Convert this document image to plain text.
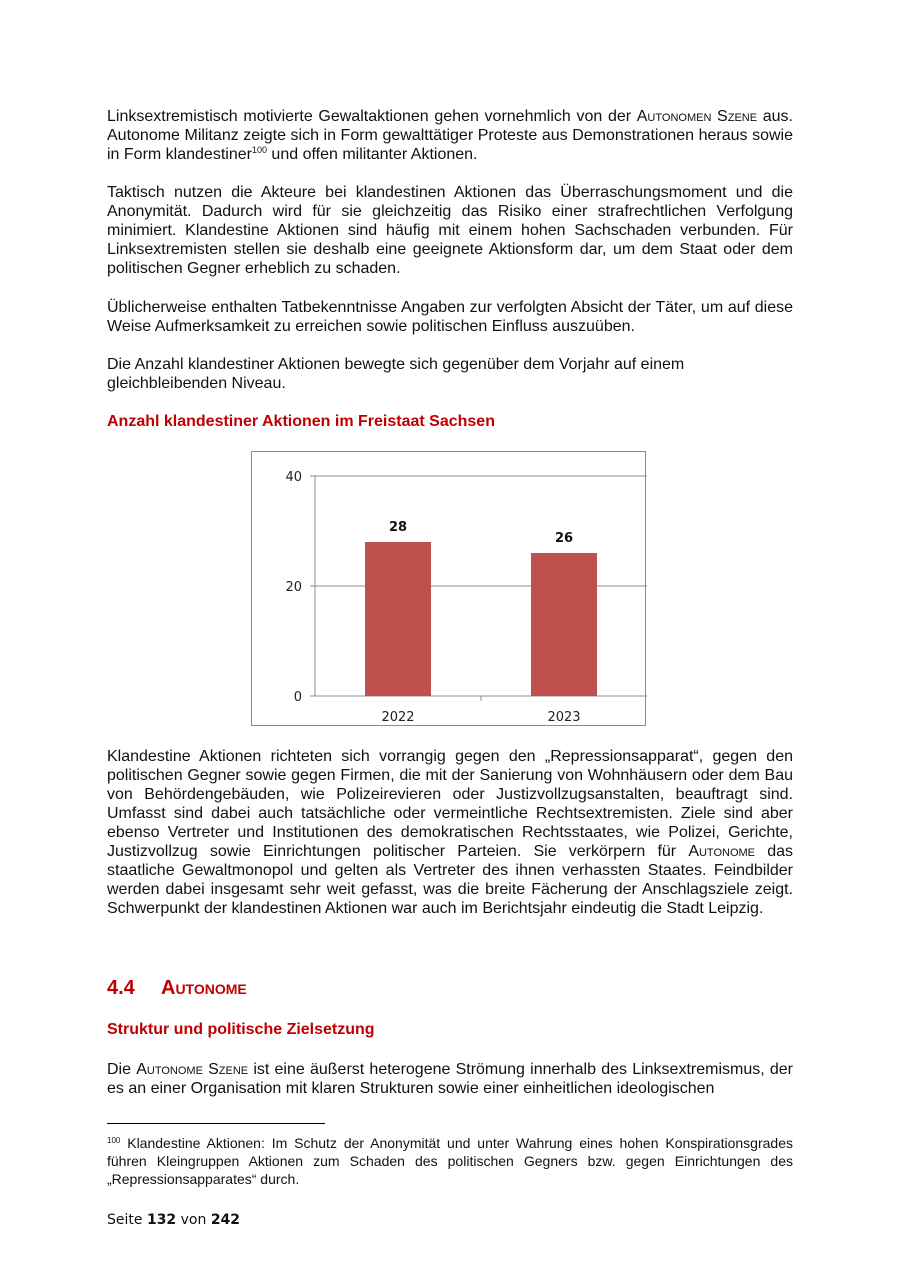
Linksextremistisch motivierte Gewaltaktionen gehen vornehmlich von der Autonomen Szene aus. Autonome Militanz zeigte sich in Form gewalttätiger Proteste aus Demonstrationen heraus sowie in Form klandestiner$^{100}$ und offen militanter Aktionen.

Taktisch nutzen die Akteure bei klandestinen Aktionen das Überraschungsmoment und die Anonymität. Dadurch wird für sie gleichzeitig das Risiko einer strafrechtlichen Verfolgung minimiert. Klandestine Aktionen sind häufig mit einem hohen Sachschaden verbunden. Für Linksextremisten stellen sie deshalb eine geeignete Aktionsform dar, um dem Staat oder dem politischen Gegner erheblich zu schaden.

Üblicherweise enthalten Tatbekenntnisse Angaben zur verfolgten Absicht der Täter, um auf diese Weise Aufmerksamkeit zu erreichen sowie politischen Einfluss auszuüben.

Die Anzahl klandestiner Aktionen bewegte sich gegenüber dem Vorjahr auf einem gleichbleibenden Niveau.

Anzahl klandestiner Aktionen im Freistaat Sachsen
0
20
40
28
2022
26
2023

Klandestine Aktionen richteten sich vorrangig gegen den „Repressionsapparat“, gegen den politischen Gegner sowie gegen Firmen, die mit der Sanierung von Wohnhäusern oder dem Bau von Behördengebäuden, wie Polizeirevieren oder Justizvollzugsanstalten, beauftragt sind. Umfasst sind dabei auch tatsächliche oder vermeintliche Rechtsextremisten. Ziele sind aber ebenso Vertreter und Institutionen des demokratischen Rechtsstaates, wie Polizei, Gerichte, Justizvollzug sowie Einrichtungen politischer Parteien. Sie verkörpern für Autonome das staatliche Gewaltmonopol und gelten als Vertreter des ihnen verhassten Staates. Feindbilder werden dabei insgesamt sehr weit gefasst, was die breite Fächerung der Anschlagsziele zeigt. Schwerpunkt der klandestinen Aktionen war auch im Berichtsjahr eindeutig die Stadt Leipzig.

4.4 Autonome
Struktur und politische Zielsetzung

Die Autonome Szene ist eine äußerst heterogene Strömung innerhalb des Linksextremismus, der es an einer Organisation mit klaren Strukturen sowie einer einheitlichen ideologischen

$^{100}$ Klandestine Aktionen: Im Schutz der Anonymität und unter Wahrung eines hohen Konspirationsgrades führen Kleingruppen Aktionen zum Schaden des politischen Gegners bzw. gegen Einrichtungen des „Repressionsapparates“ durch.

Seite 132 von 242
